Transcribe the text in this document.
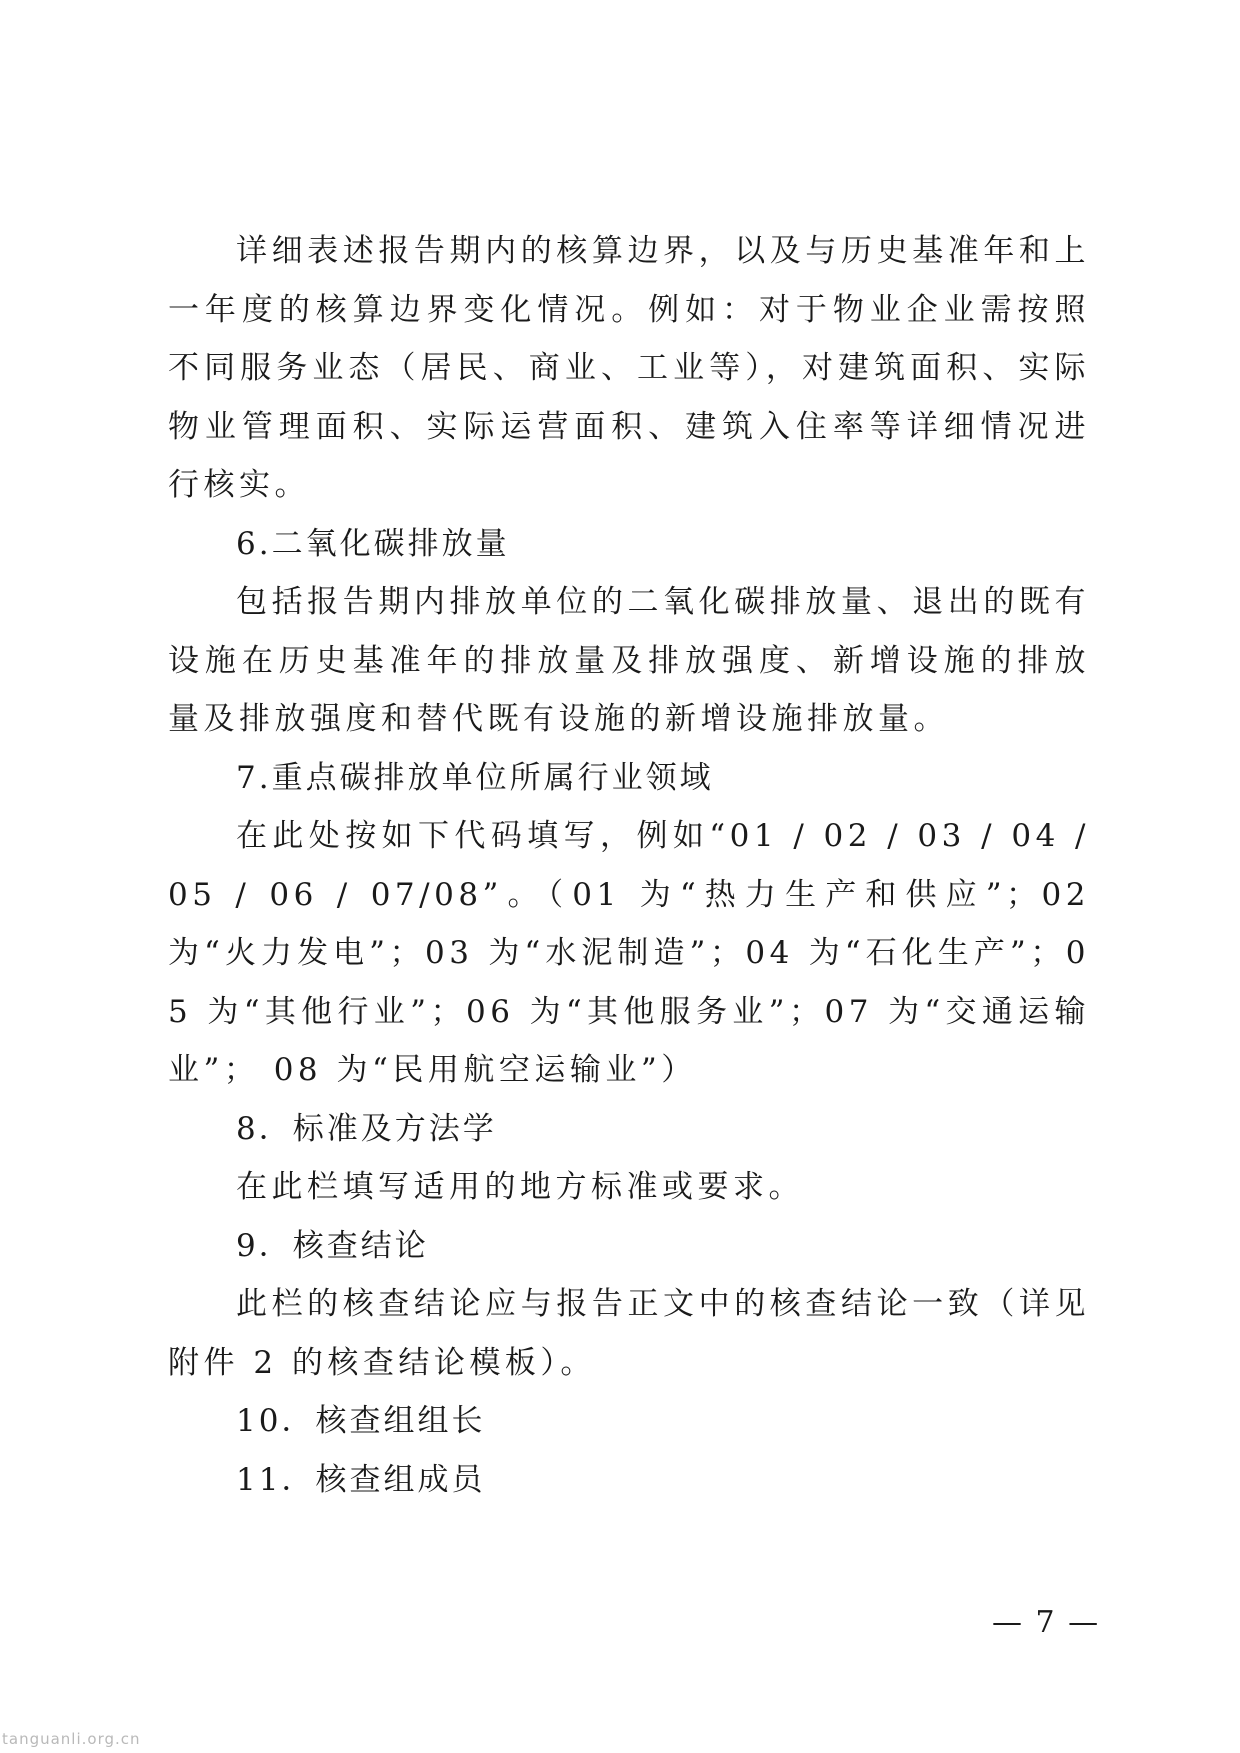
详细表述报告期内的核算边界，以及与历史基准年和上一年度的核算边界变化情况。例如：对于物业企业需按照不同服务业态（居民、商业、工业等），对建筑面积、实际物业管理面积、实际运营面积、建筑入住率等详细情况进行核实。

6.二氧化碳排放量

包括报告期内排放单位的二氧化碳排放量、退出的既有设施在历史基准年的排放量及排放强度、新增设施的排放量及排放强度和替代既有设施的新增设施排放量。

7.重点碳排放单位所属行业领域

在此处按如下代码填写，例如“01 / 02 / 03 / 04 / 05 / 06 / 07/08”。（01 为“热力生产和供应”；02 为“火力发电”；03 为“水泥制造”；04 为“石化生产”；05 为“其他行业”；06 为“其他服务业”；07 为“交通运输业”； 08 为“民用航空运输业”）

8．标准及方法学

在此栏填写适用的地方标准或要求。

9．核查结论

此栏的核查结论应与报告正文中的核查结论一致（详见附件 2 的核查结论模板）。

10．核查组组长

11．核查组成员

— 7 —
tanguanli.org.cn
